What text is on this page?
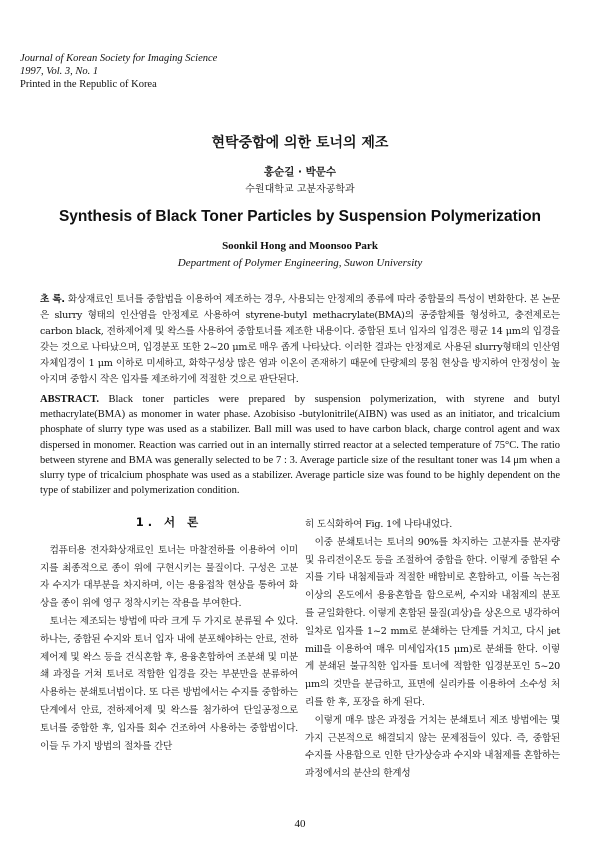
Journal of Korean Society for Imaging Science
1997, Vol. 3, No. 1
Printed in the Republic of Korea
현탁중합에 의한 토너의 제조
홍순길 · 박문수
수원대학교 고분자공학과
Synthesis of Black Toner Particles by Suspension Polymerization
Soonkil Hong and Moonsoo Park
Department of Polymer Engineering, Suwon University
초 록. 화상재료인 토너를 중합법을 이용하여 제조하는 경우, 사용되는 안정제의 종류에 따라 중합물의 특성이 변화한다. 본 논문은 slurry 형태의 인산염을 안정제로 사용하여 styrene-butyl methacrylate(BMA)의 공중합체를 형성하고, 충전제로는 carbon black, 전하제어제 및 왁스를 사용하여 중합토너를 제조한 내용이다. 중합된 토너 입자의 입경은 평균 14 μm의 입경을 갖는 것으로 나타났으며, 입경분포 또한 2~20 μm로 매우 좁게 나타났다. 이러한 결과는 안정제로 사용된 slurry형태의 인산염 자체입경이 1 μm 이하로 미세하고, 화학구성상 많은 염과 이온이 존재하기 때문에 단량체의 뭉침 현상을 방지하여 안정성이 높아지며 중합시 작은 입자를 제조하기에 적절한 것으로 판단된다.
ABSTRACT. Black toner particles were prepared by suspension polymerization, with styrene and butyl methacrylate(BMA) as monomer in water phase. Azobisiso -butylonitrile(AIBN) was used as an initiator, and tricalcium phosphate of slurry type was used as a stabilizer. Ball mill was used to have carbon black, charge control agent and wax dispersed in monomer. Reaction was carried out in an internally stirred reactor at a selected temperature of 75°C. The ratio between styrene and BMA was generally selected to be 7 : 3. Average particle size of the resultant toner was 14 μm when a slurry type of tricalcium phosphate was used as a stabilizer. Average particle size was found to be highly dependent on the type of stabilizer and polymerization condition.
1. 서 론

컴퓨터용 전자화상재료인 토너는 마찰전하를 이용하여 이미지를 최종적으로 종이 위에 구현시키는 물질이다. 구성은 고분자 수지가 대부분을 차지하며, 이는 용융접착 현상을 통하여 화상을 종이 위에 영구 정착시키는 작용을 부여한다.

토너는 제조되는 방법에 따라 크게 두 가지로 분류될 수 있다. 하나는, 중합된 수지와 토너 입자 내에 분포해야하는 안료, 전하제어제 및 왁스 등을 건식혼합 후, 용융혼합하여 조분쇄 및 미분쇄 과정을 거쳐 토너로 적합한 입경을 갖는 부분만을 분류하여 사용하는 분쇄토너법이다. 또 다른 방법에서는 수지를 중합하는 단계에서 안료, 전하제어제 및 왁스를 첨가하여 단일공정으로 토너를 중합한 후, 입자를 회수 건조하여 사용하는 중합법이다. 이들 두 가지 방법의 절차를 간단

히 도식화하여 Fig. 1에 나타내었다.

이중 분쇄토너는 토너의 90%를 차지하는 고분자를 분자량 및 유리전이온도 등을 조절하여 중합을 한다. 이렇게 중합된 수지를 기타 내첨제들과 적절한 배합비로 혼합하고, 이를 녹는점 이상의 온도에서 용융혼합을 함으로써, 수지와 내첨제의 분포를 균일화한다. 이렇게 혼합된 물질(괴상)을 상온으로 냉각하여 일차로 입자를 1~2 mm로 분쇄하는 단계를 거치고, 다시 jet mill을 이용하여 매우 미세입자(15 μm)로 분쇄를 한다. 이렇게 분쇄된 불규칙한 입자를 토너에 적합한 입경분포인 5~20 μm의 것만을 분급하고, 표면에 실리카를 이용하여 소수성 처리를 한 후, 포장을 하게 된다.

이렇게 매우 많은 과정을 거치는 분쇄토너 제조 방법에는 몇 가지 근본적으로 해결되지 않는 문제점들이 있다. 즉, 중합된 수지를 사용함으로 인한 단가상승과 수지와 내첨제를 혼합하는 과정에서의 분산의 한계성

40
